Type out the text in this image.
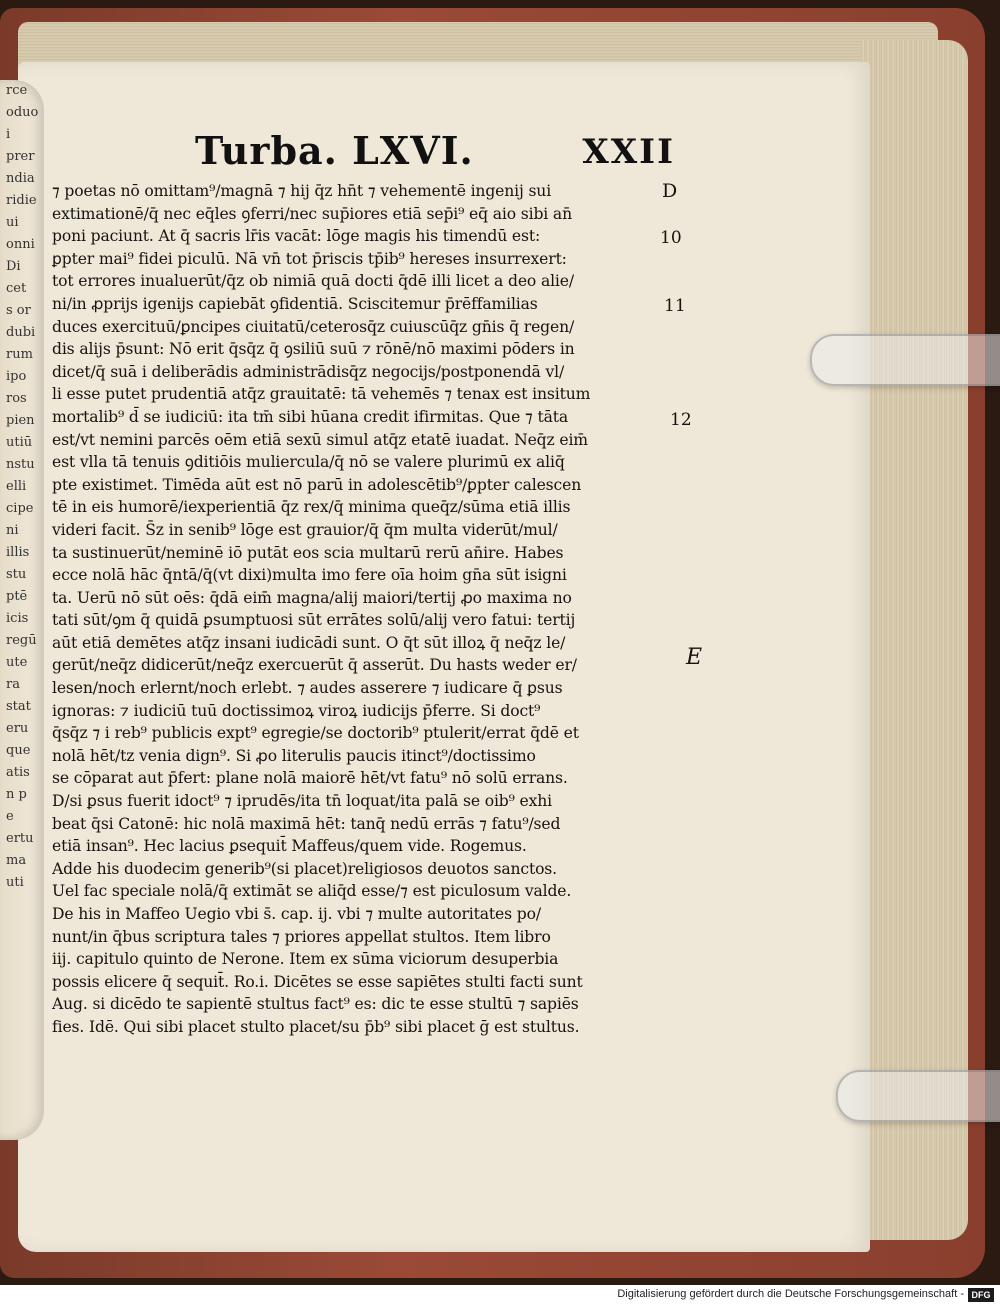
rce
oduo
i
prer
ndia
ridie
ui
onni
Di
cet
s or
dubi
rum
ipo
ros
pien
utiū
nstu
elli
cipe
ni
illis
stu
ptē
icis
regū
ute
ra
stat
eru
que
atis
n p
e
ertu
ma
uti
Turba. LXVI.	XXII
⁊ poetas nō omittam⁹/magnā ⁊ hij q̄z hn̄t ⁊ vehementē ingenij sui
extimationē/q̄ nec eq̄les ꝯferri/nec sup̄iores etiā sep̄i⁹ eq̄ aio sibi an̄
poni paciunt. At q̄ sacris lr̄is vacāt: lōge magis his timendū est:
ꝑpter mai⁹ fidei piculū. Nā vn̄ tot p̄riscis tp̄ib⁹ hereses insurrexert:
tot errores inualuerūt/q̄z ob nimiā quā docti q̄dē illi licet a deo alie/
ni/in ꝓprijs igenijs capiebāt ꝯfidentiā. Sciscitemur p̄rēffamilias
duces exercituū/ꝑncipes ciuitatū/ceterosq̄z cuiuscūq̄z gn̄is q̄ regen/
dis alijs p̄sunt: Nō erit q̄sq̄z q̄ ꝯsiliū suū ⁊ rōnē/nō maximi pōders in
dicet/q̄ suā i deliberādis administrādisq̄z negocijs/postponendā vl/
li esse putet prudentiā atq̄z grauitatē: tā vehemēs ⁊ tenax est insitum
mortalib⁹ d̄ se iudiciū: ita tm̄ sibi hūana credit ifirmitas. Que ⁊ tāta
est/vt nemini parcēs oēm etiā sexū simul atq̄z etatē iuadat. Neq̄z eim̄
est vlla tā tenuis ꝯditiōis muliercula/q̄ nō se valere plurimū ex aliq̄
pte existimet. Timēda aūt est nō parū in adolescētib⁹/ꝑpter calescen
tē in eis humorē/iexperientiā q̄z rex/q̄ minima queq̄z/sūma etiā illis
videri facit. S̄z in senib⁹ lōge est grauior/q̄ q̄m multa viderūt/mul/
ta sustinuerūt/neminē iō putāt eos scia multarū rerū an̄ire. Habes
ecce nolā hāc q̄ntā/q̄(vt dixi)multa imo fere oīa hoim gn̄a sūt isigni
ta. Uerū nō sūt oēs: q̄dā eim̄ magna/alij maiori/tertij ꝓo maxima no
tati sūt/ꝯm q̄ quidā ꝑsumptuosi sūt errātes solū/alij vero fatui: tertij
aūt etiā demētes atq̄z insani iudicādi sunt. O q̄t sūt illoꝝ q̄ neq̄z le/
gerūt/neq̄z didicerūt/neq̄z exercuerūt q̄ asserūt. Du hasts weder er/
lesen/noch erlernt/noch erlebt. ⁊ audes asserere ⁊ iudicare q̄ ꝑsus
ignoras: ⁊ iudiciū tuū doctissimoꝝ viroꝝ iudicijs p̄ferre. Si doct⁹
q̄sq̄z ⁊ i reb⁹ publicis expt⁹ egregie/se doctorib⁹ ptulerit/errat q̄dē et
nolā hēt/tz venia dign⁹. Si ꝓo literulis paucis itinct⁹/doctissimo
se cōparat aut p̄fert: plane nolā maiorē hēt/vt fatu⁹ nō solū errans.
D/si ꝑsus fuerit idoct⁹ ⁊ iprudēs/ita tn̄ loquat/ita palā se oib⁹ exhi
beat q̄si Catonē: hic nolā maximā hēt: tanq̄ nedū errās ⁊ fatu⁹/sed
etiā insan⁹. Hec lacius ꝑsequit̄ Maffeus/quem vide. Rogemus.
Adde his duodecim generib⁹(si placet)religiosos deuotos sanctos.
Uel fac speciale nolā/q̄ extimāt se aliq̄d esse/⁊ est piculosum valde.
De his in Maffeo Uegio vbi s̄. cap. ij. vbi ⁊ multe autoritates po/
nunt/in q̄bus scriptura tales ⁊ priores appellat stultos. Item libro
iij. capitulo quinto de Nerone. Item ex sūma viciorum desuperbia
possis elicere q̄ sequit̄. Ro.i. Dicētes se esse sapiētes stulti facti sunt
Aug. si dicēdo te sapientē stultus fact⁹ es: dic te esse stultū ⁊ sapiēs
fies. Idē. Qui sibi placet stulto placet/su p̄b⁹ sibi placet ḡ est stultus.
D
10
11
12
E
Digitalisierung gefördert durch die Deutsche Forschungsgemeinschaft - DFG
